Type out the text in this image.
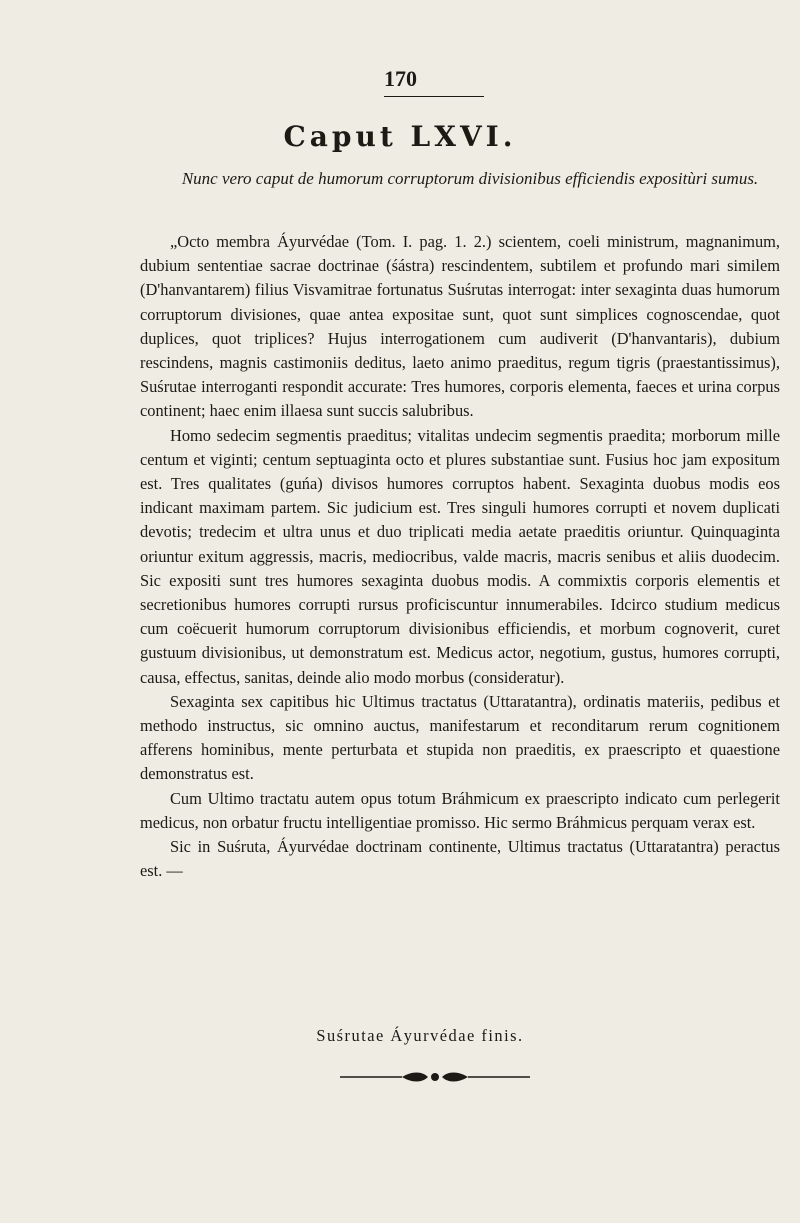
170
Caput LXVI.
Nunc vero caput de humorum corruptorum divisionibus efficiendis expositùri sumus.

„Octo membra Áyurvédae (Tom. I. pag. 1. 2.) scientem, coeli ministrum, magnanimum, dubium sententiae sacrae doctrinae (śástra) rescindentem, subtilem et profundo mari similem (D'hanvantarem) filius Visvamitrae fortunatus Suśrutas interrogat: inter sexaginta duas humorum corruptorum divisiones, quae antea expositae sunt, quot sunt simplices cognoscendae, quot duplices, quot triplices? Hujus interrogationem cum audiverit (D'hanvantaris), dubium rescindens, magnis castimoniis deditus, laeto animo praeditus, regum tigris (praestantissimus), Suśrutae interroganti respondit accurate: Tres humores, corporis elementa, faeces et urina corpus continent; haec enim illaesa sunt succis salubribus.

Homo sedecim segmentis praeditus; vitalitas undecim segmentis praedita; morborum mille centum et viginti; centum septuaginta octo et plures substantiae sunt. Fusius hoc jam expositum est. Tres qualitates (guńa) divisos humores corruptos habent. Sexaginta duobus modis eos indicant maximam partem. Sic judicium est. Tres singuli humores corrupti et novem duplicati devotis; tredecim et ultra unus et duo triplicati media aetate praeditis oriuntur. Quinquaginta oriuntur exitum aggressis, macris, mediocribus, valde macris, macris senibus et aliis duodecim. Sic expositi sunt tres humores sexaginta duobus modis. A commixtis corporis elementis et secretionibus humores corrupti rursus proficiscuntur innumerabiles. Idcirco studium medicus cum coëcuerit humorum corruptorum divisionibus efficiendis, et morbum cognoverit, curet gustuum divisionibus, ut demonstratum est. Medicus actor, negotium, gustus, humores corrupti, causa, effectus, sanitas, deinde alio modo morbus (consideratur).

Sexaginta sex capitibus hic Ultimus tractatus (Uttaratantra), ordinatis materiis, pedibus et methodo instructus, sic omnino auctus, manifestarum et reconditarum rerum cognitionem afferens hominibus, mente perturbata et stupida non praeditis, ex praescripto et quaestione demonstratus est.

Cum Ultimo tractatu autem opus totum Bráhmicum ex praescripto indicato cum perlegerit medicus, non orbatur fructu intelligentiae promisso. Hic sermo Bráhmicus perquam verax est.

Sic in Suśruta, Áyurvédae doctrinam continente, Ultimus tractatus (Uttaratantra) peractus est. —

Suśrutae Áyurvédae finis.
